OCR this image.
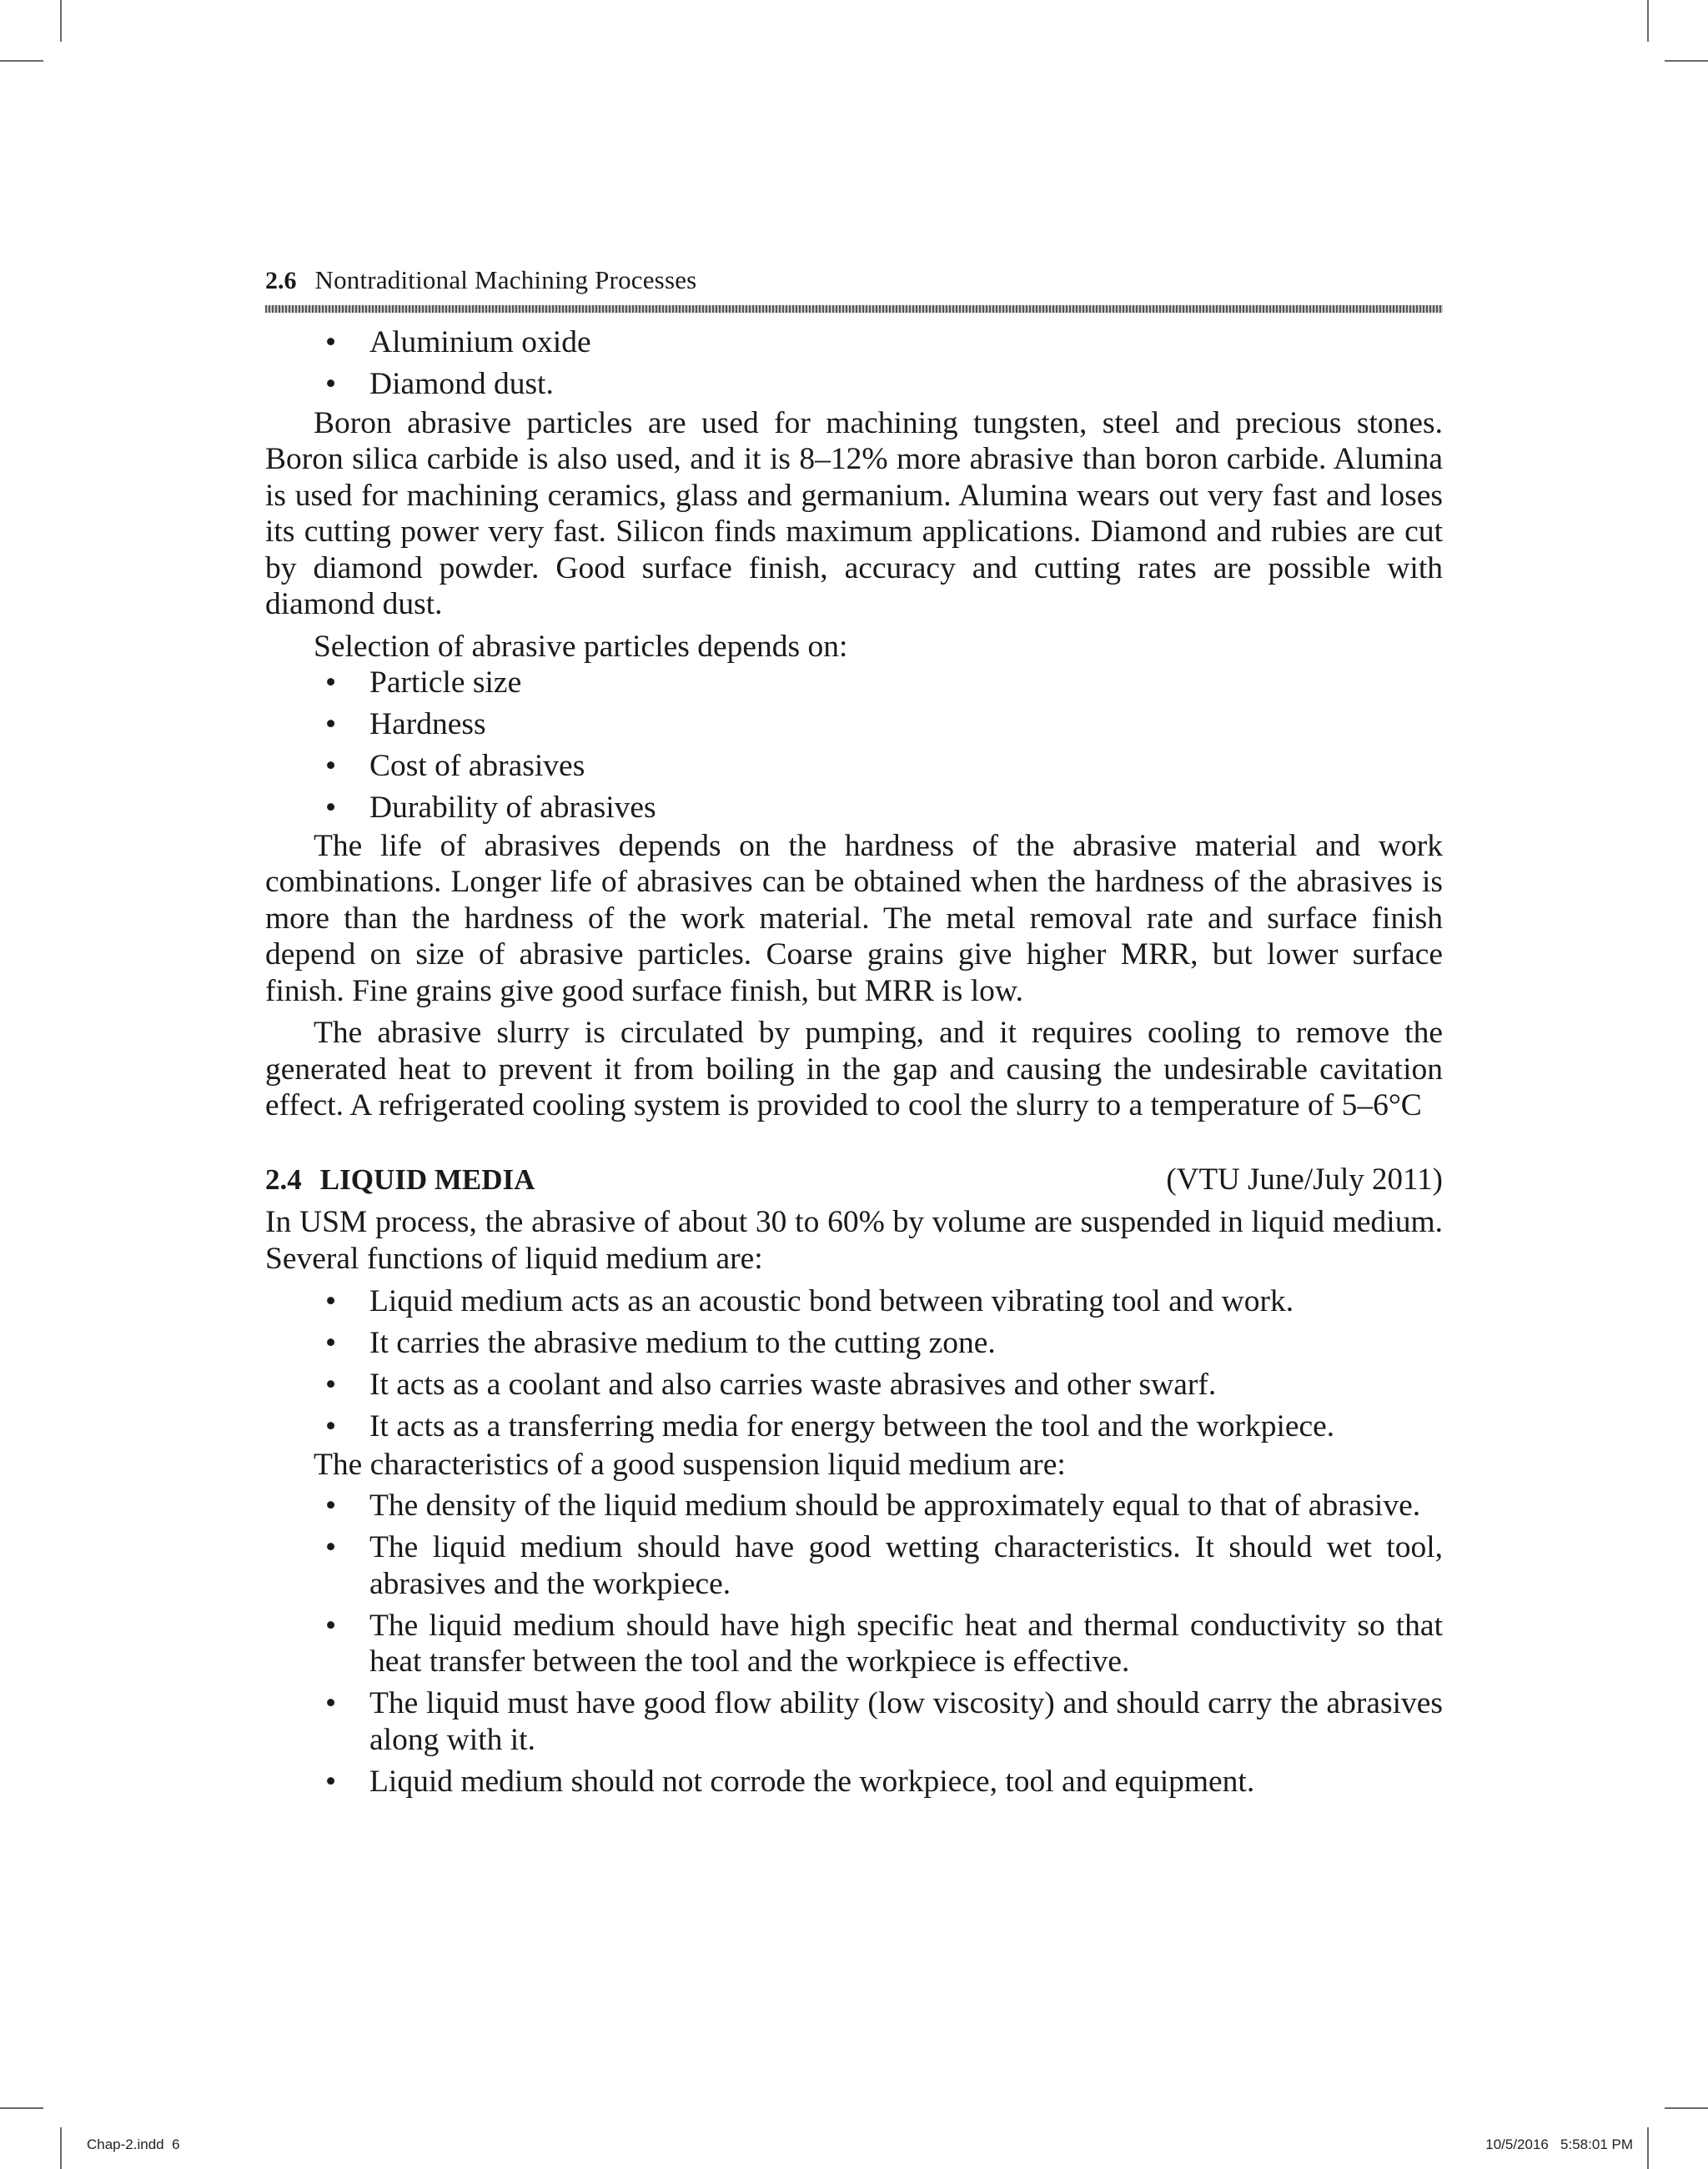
2.6 Nontraditional Machining Processes
• Aluminium oxide
• Diamond dust.

Boron abrasive particles are used for machining tungsten, steel and precious stones. Boron silica carbide is also used, and it is 8–12% more abrasive than boron carbide. Alumina is used for machining ceramics, glass and germanium. Alumina wears out very fast and loses its cutting power very fast. Silicon finds maximum applications. Diamond and rubies are cut by diamond powder. Good surface finish, accuracy and cutting rates are possible with diamond dust.

Selection of abrasive particles depends on:

• Particle size
• Hardness
• Cost of abrasives
• Durability of abrasives

The life of abrasives depends on the hardness of the abrasive material and work combinations. Longer life of abrasives can be obtained when the hardness of the abrasives is more than the hardness of the work material. The metal removal rate and surface finish depend on size of abrasive particles. Coarse grains give higher MRR, but lower surface finish. Fine grains give good surface finish, but MRR is low.

The abrasive slurry is circulated by pumping, and it requires cooling to remove the generated heat to prevent it from boiling in the gap and causing the undesirable cavitation effect. A refrigerated cooling system is provided to cool the slurry to a temperature of 5–6°C

2.4 LIQUID MEDIA	(VTU June/July 2011)

In USM process, the abrasive of about 30 to 60% by volume are suspended in liquid medium. Several functions of liquid medium are:

• Liquid medium acts as an acoustic bond between vibrating tool and work.
• It carries the abrasive medium to the cutting zone.
• It acts as a coolant and also carries waste abrasives and other swarf.
• It acts as a transferring media for energy between the tool and the workpiece.

The characteristics of a good suspension liquid medium are:

• The density of the liquid medium should be approximately equal to that of abrasive.
• The liquid medium should have good wetting characteristics. It should wet tool, abrasives and the workpiece.
• The liquid medium should have high specific heat and thermal conductivity so that heat transfer between the tool and the workpiece is effective.
• The liquid must have good flow ability (low viscosity) and should carry the abrasives along with it.
• Liquid medium should not corrode the workpiece, tool and equipment.
Chap-2.indd  6	10/5/2016   5:58:01 PM
